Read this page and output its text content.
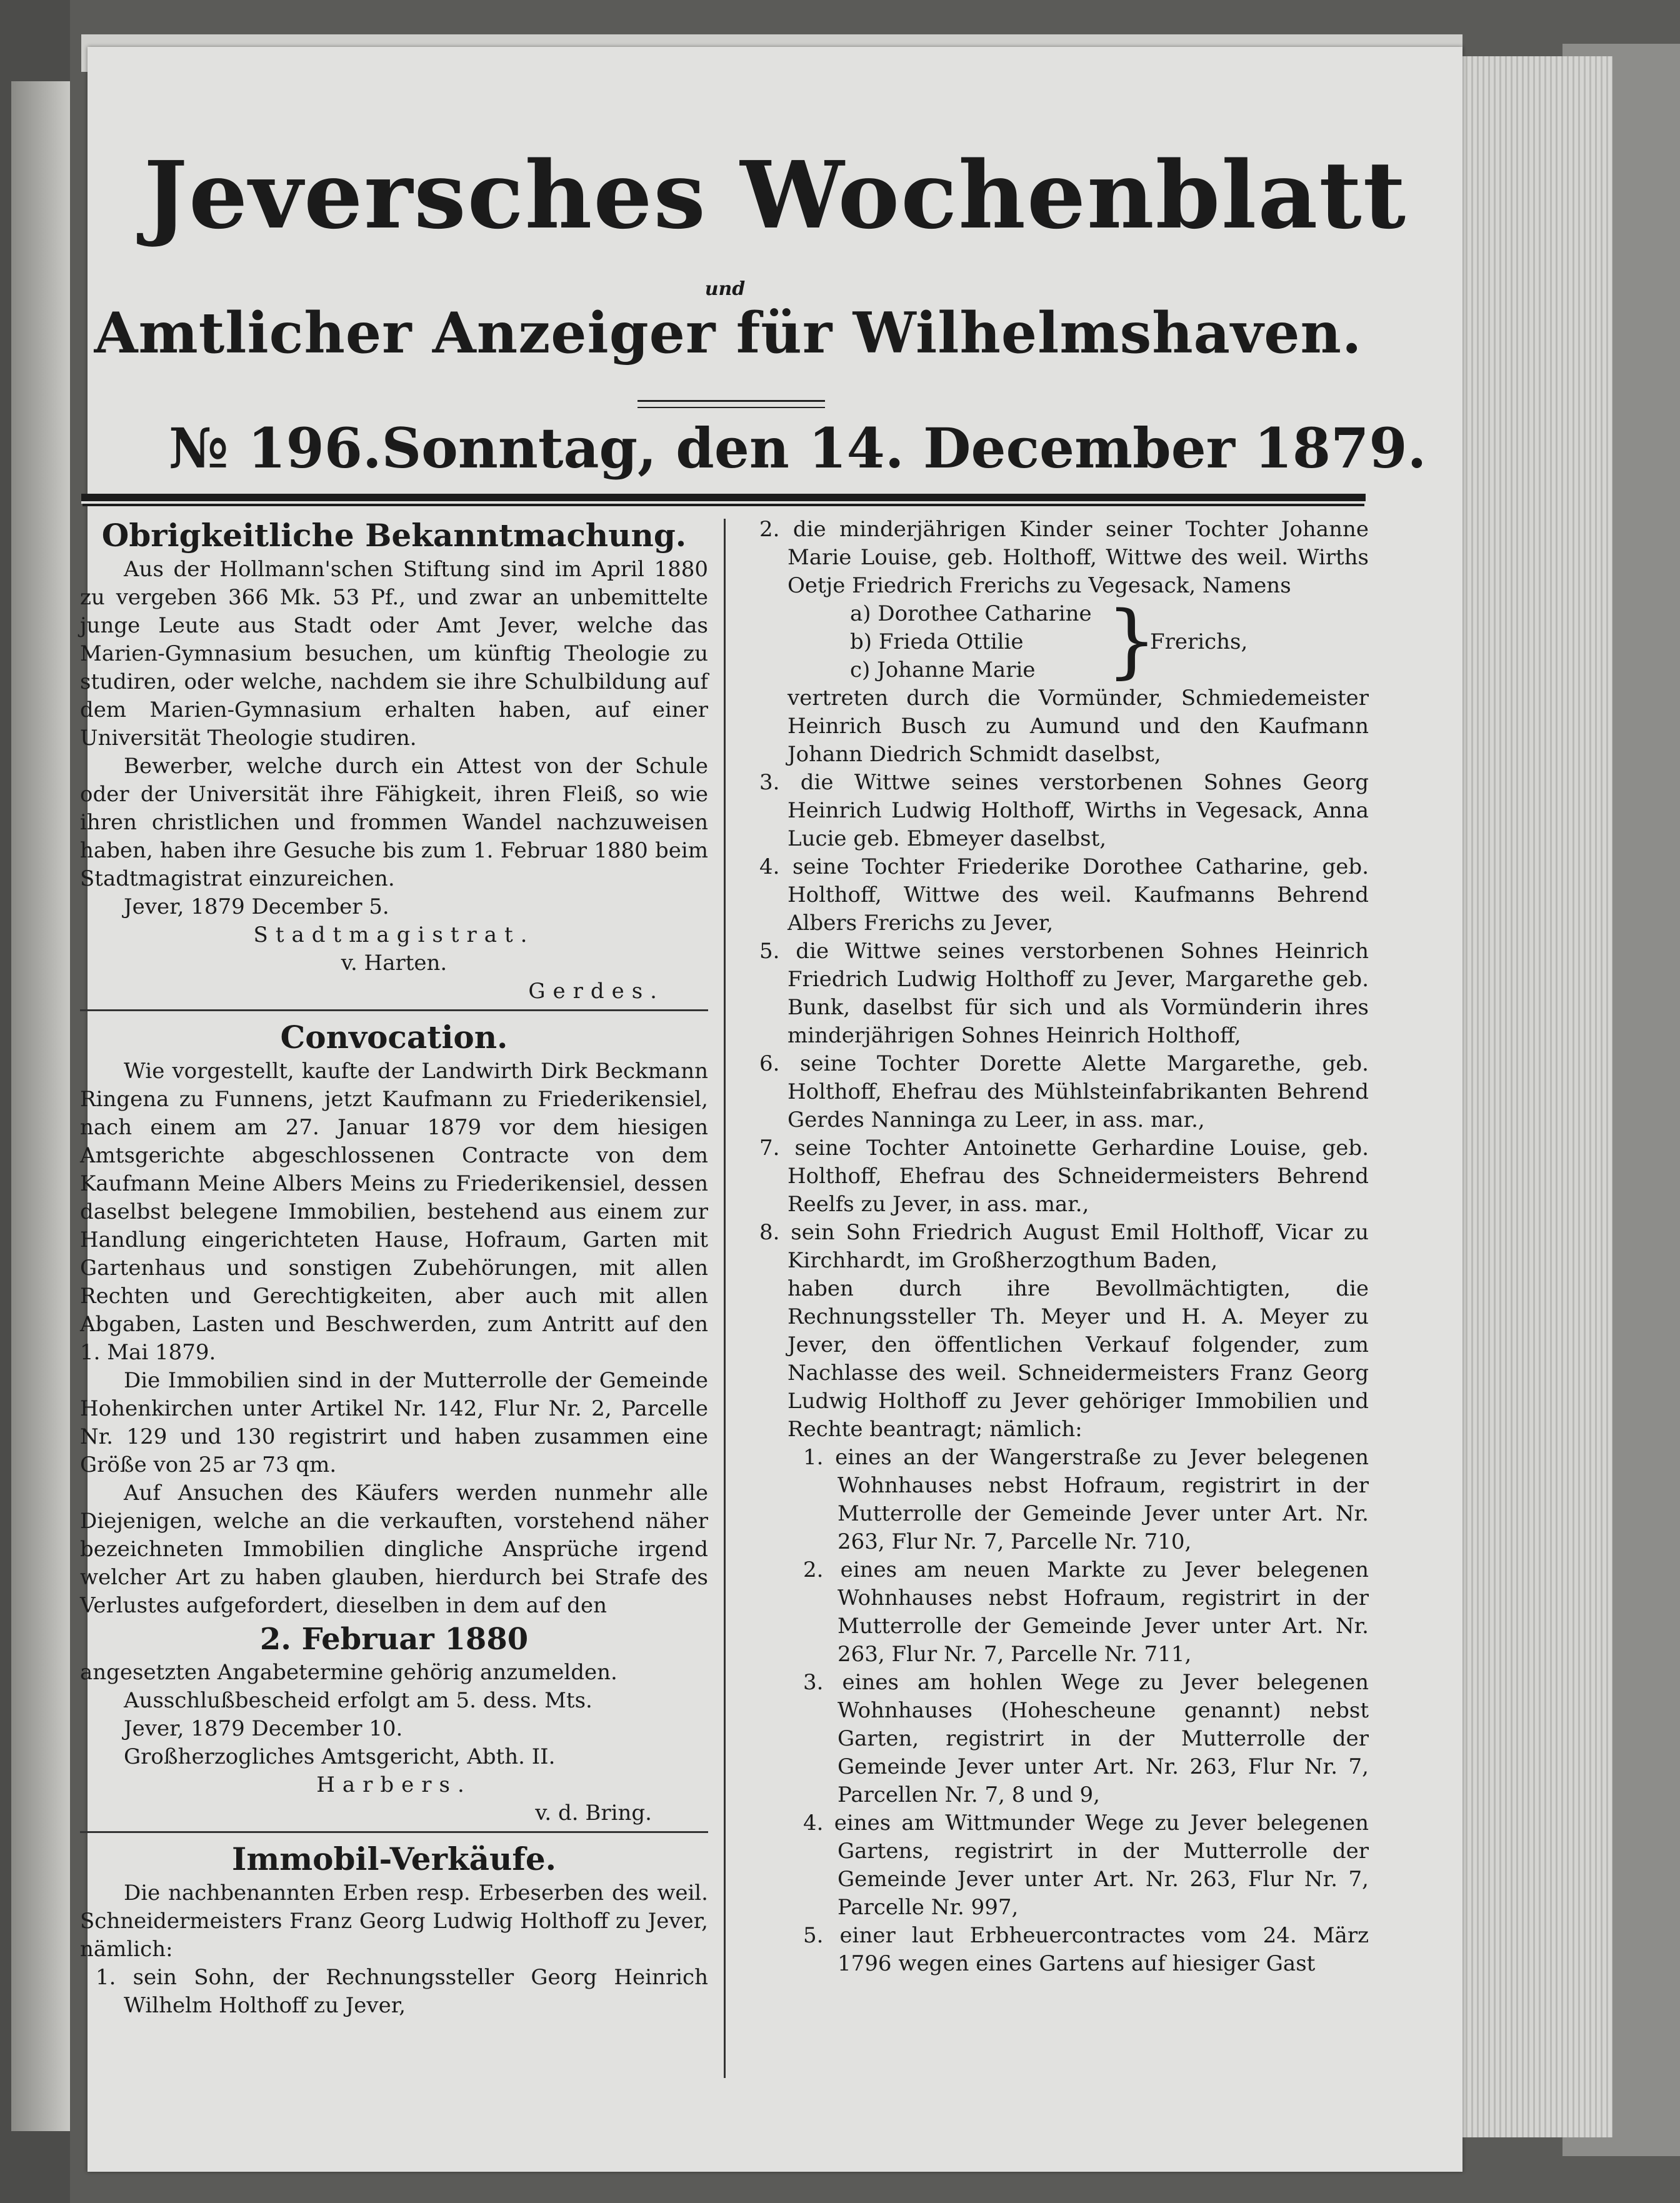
Jeversches Wochenblatt
und
Amtlicher Anzeiger für Wilhelmshaven.
№ 196. Sonntag, den 14. December 1879.

Obrigkeitliche Bekanntmachung.

Aus der Hollmann'schen Stiftung sind im April 1880 zu vergeben 366 Mk. 53 Pf., und zwar an unbemittelte junge Leute aus Stadt oder Amt Jever, welche das Marien-Gymnasium besuchen, um künftig Theologie zu studiren, oder welche, nachdem sie ihre Schulbildung auf dem Marien-Gymnasium erhalten haben, auf einer Universität Theologie studiren.

Bewerber, welche durch ein Attest von der Schule oder der Universität ihre Fähigkeit, ihren Fleiß, so wie ihren christlichen und frommen Wandel nachzuweisen haben, haben ihre Gesuche bis zum 1. Februar 1880 beim Stadtmagistrat einzureichen.

Jever, 1879 December 5.

Stadtmagistrat.

v. Harten.

Gerdes.

Convocation.

Wie vorgestellt, kaufte der Landwirth Dirk Beckmann Ringena zu Funnens, jetzt Kaufmann zu Friederikensiel, nach einem am 27. Januar 1879 vor dem hiesigen Amtsgerichte abgeschlossenen Contracte von dem Kaufmann Meine Albers Meins zu Friederikensiel, dessen daselbst belegene Immobilien, bestehend aus einem zur Handlung eingerichteten Hause, Hofraum, Garten mit Gartenhaus und sonstigen Zubehörungen, mit allen Rechten und Gerechtigkeiten, aber auch mit allen Abgaben, Lasten und Beschwerden, zum Antritt auf den 1. Mai 1879.

Die Immobilien sind in der Mutterrolle der Gemeinde Hohenkirchen unter Artikel Nr. 142, Flur Nr. 2, Parcelle Nr. 129 und 130 registrirt und haben zusammen eine Größe von 25 ar 73 qm.

Auf Ansuchen des Käufers werden nunmehr alle Diejenigen, welche an die verkauften, vorstehend näher bezeichneten Immobilien dingliche Ansprüche irgend welcher Art zu haben glauben, hierdurch bei Strafe des Verlustes aufgefordert, dieselben in dem auf den

2. Februar 1880

angesetzten Angabetermine gehörig anzumelden.

Ausschlußbescheid erfolgt am 5. dess. Mts.

Jever, 1879 December 10.

Großherzogliches Amtsgericht, Abth. II.

Harbers.

v. d. Bring.

Immobil-Verkäufe.

Die nachbenannten Erben resp. Erbeserben des weil. Schneidermeisters Franz Georg Ludwig Holthoff zu Jever, nämlich:

1. sein Sohn, der Rechnungssteller Georg Heinrich Wilhelm Holthoff zu Jever,

2. die minderjährigen Kinder seiner Tochter Johanne Marie Louise, geb. Holthoff, Wittwe des weil. Wirths Oetje Friedrich Frerichs zu Vegesack, Namens

a) Dorothee Catharine

b) Frieda Ottilie

c) Johanne Marie }
Frerichs,

vertreten durch die Vormünder, Schmiedemeister Heinrich Busch zu Aumund und den Kaufmann Johann Diedrich Schmidt daselbst,

3. die Wittwe seines verstorbenen Sohnes Georg Heinrich Ludwig Holthoff, Wirths in Vegesack, Anna Lucie geb. Ebmeyer daselbst,

4. seine Tochter Friederike Dorothee Catharine, geb. Holthoff, Wittwe des weil. Kaufmanns Behrend Albers Frerichs zu Jever,

5. die Wittwe seines verstorbenen Sohnes Heinrich Friedrich Ludwig Holthoff zu Jever, Margarethe geb. Bunk, daselbst für sich und als Vormünderin ihres minderjährigen Sohnes Heinrich Holthoff,

6. seine Tochter Dorette Alette Margarethe, geb. Holthoff, Ehefrau des Mühlsteinfabrikanten Behrend Gerdes Nanninga zu Leer, in ass. mar.,

7. seine Tochter Antoinette Gerhardine Louise, geb. Holthoff, Ehefrau des Schneidermeisters Behrend Reelfs zu Jever, in ass. mar.,

8. sein Sohn Friedrich August Emil Holthoff, Vicar zu Kirchhardt, im Großherzogthum Baden,

haben durch ihre Bevollmächtigten, die Rechnungssteller Th. Meyer und H. A. Meyer zu Jever, den öffentlichen Verkauf folgender, zum Nachlasse des weil. Schneidermeisters Franz Georg Ludwig Holthoff zu Jever gehöriger Immobilien und Rechte beantragt; nämlich:

1. eines an der Wangerstraße zu Jever belegenen Wohnhauses nebst Hofraum, registrirt in der Mutterrolle der Gemeinde Jever unter Art. Nr. 263, Flur Nr. 7, Parcelle Nr. 710,

2. eines am neuen Markte zu Jever belegenen Wohnhauses nebst Hofraum, registrirt in der Mutterrolle der Gemeinde Jever unter Art. Nr. 263, Flur Nr. 7, Parcelle Nr. 711,

3. eines am hohlen Wege zu Jever belegenen Wohnhauses (Hohescheune genannt) nebst Garten, registrirt in der Mutterrolle der Gemeinde Jever unter Art. Nr. 263, Flur Nr. 7, Parcellen Nr. 7, 8 und 9,

4. eines am Wittmunder Wege zu Jever belegenen Gartens, registrirt in der Mutterrolle der Gemeinde Jever unter Art. Nr. 263, Flur Nr. 7, Parcelle Nr. 997,

5. einer laut Erbheuercontractes vom 24. März 1796 wegen eines Gartens auf hiesiger Gast
